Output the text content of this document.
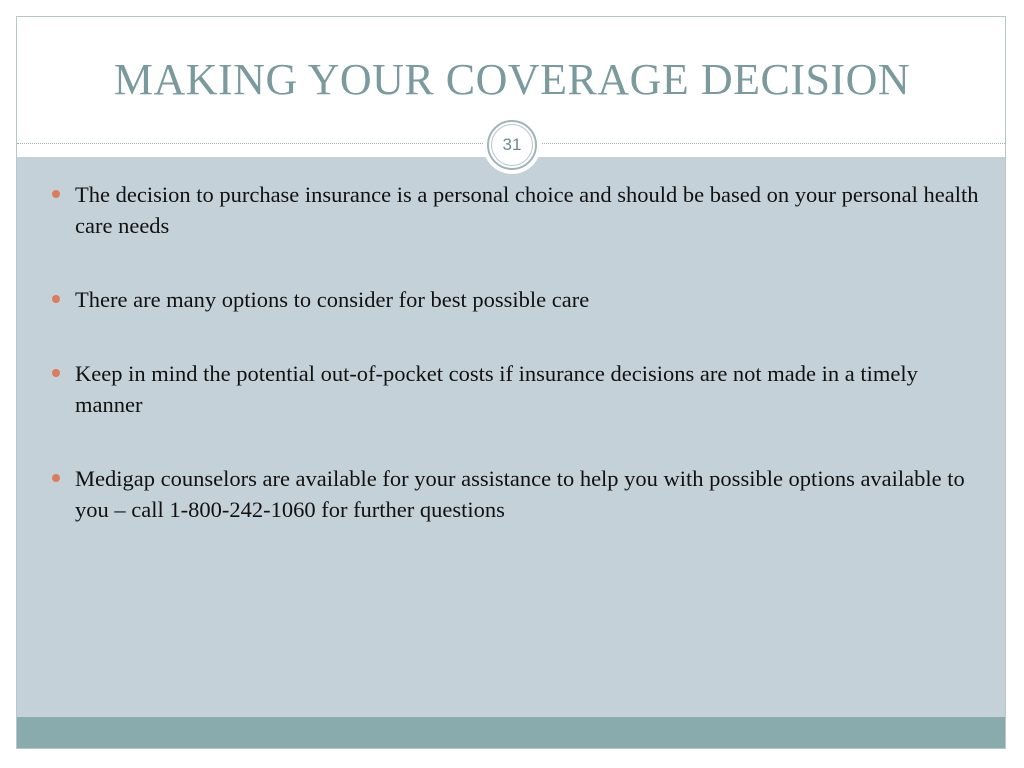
MAKING YOUR COVERAGE DECISION
31
The decision to purchase insurance is a personal choice and should be based on your personal health care needs
There are many options to consider for best possible care
Keep in mind the potential out-of-pocket costs if insurance decisions are not made in a timely manner
Medigap counselors are available for your assistance to help you with possible options available to you – call 1-800-242-1060 for further questions
